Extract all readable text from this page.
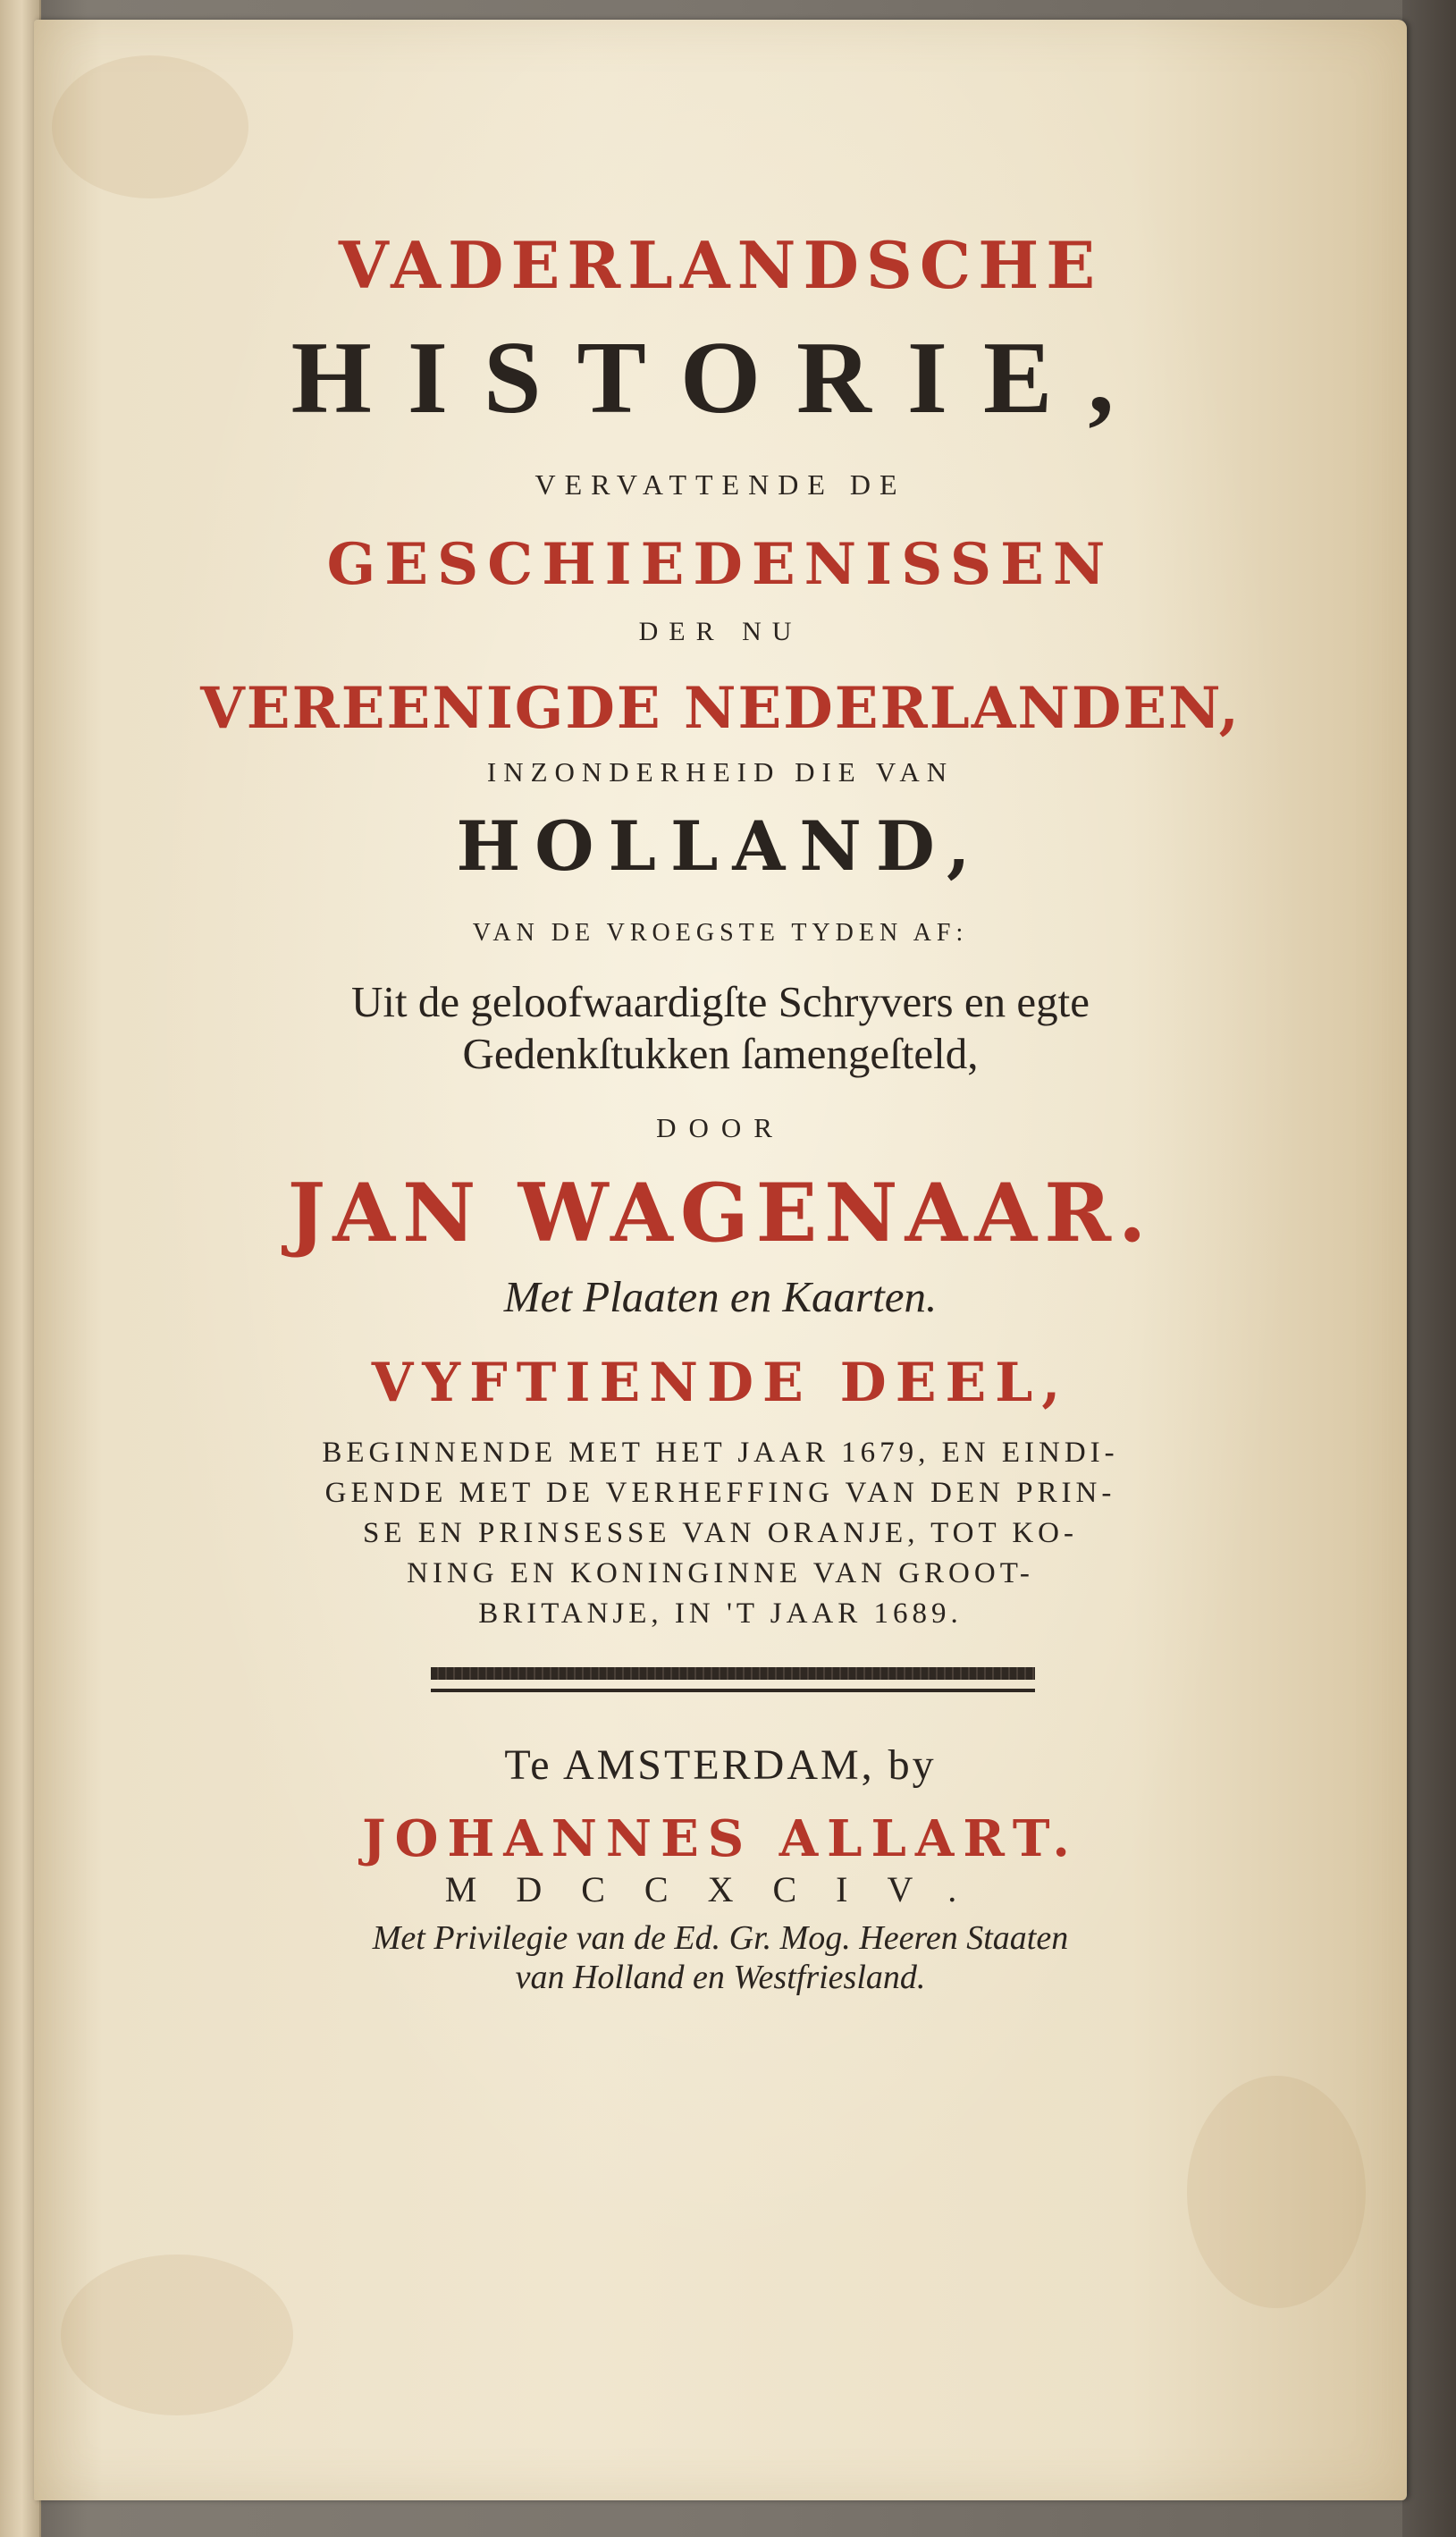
VADERLANDSCHE

HISTORIE,

VERVATTENDE DE

GESCHIEDENISSEN

DER NU

VEREENIGDE NEDERLANDEN,

INZONDERHEID DIE VAN

HOLLAND,

VAN DE VROEGSTE TYDEN AF:

Uit de geloofwaardigſte Schryvers en egte

Gedenkſtukken ſamengeſteld,

DOOR

JAN WAGENAAR.

Met Plaaten en Kaarten.

VYFTIENDE DEEL,

BEGINNENDE MET HET JAAR 1679, EN EINDI-

GENDE MET DE VERHEFFING VAN DEN PRIN-

SE EN PRINSESSE VAN ORANJE, TOT KO-

NING EN KONINGINNE VAN GROOT-

BRITANJE, IN 'T JAAR 1689.

Te AMSTERDAM, by

JOHANNES ALLART.

MDCCXCIV.

Met Privilegie van de Ed. Gr. Mog. Heeren Staaten

van Holland en Westfriesland.
